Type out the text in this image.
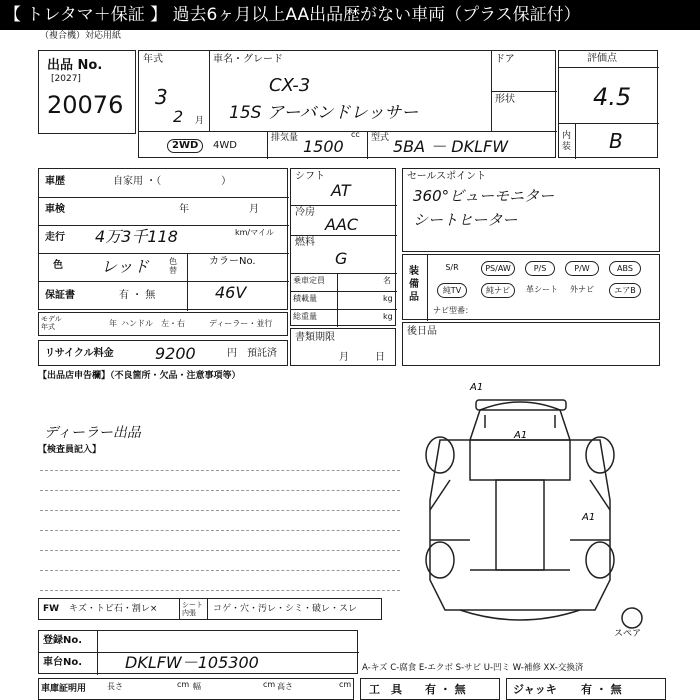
【 トレタマ＋保証 】 過去6ヶ月以上AA出品歴がない車両（プラス保証付）
（複合機）対応用紙
出品 No.
[2027]
20076
年式
3
2 月
車名・グレード
CX-3
15S アーバンドレッサー
ドア
形状
2WD	4WD
排気量	cc
1500	型式 5BA － DKLFW
評価点
4.5
内装 B
車歴	自家用 ・（　　　　　　）
車検	年	月
走行 4万3千118	km/マイル
色 レッド	色替
カラーNo.
46V
保証書	有 ・ 無
モデル年式	年 ハンドル　左・右	ディーラー・並行
リサイクル料金	9200	円 預託済
シフト
AT
冷房
AAC
燃料
G
乗車定員	名
積載量	kg
総重量	kg
書類期限
月	日
セールスポイント
360°ビューモニター
シートヒーター
装備品
S/R	PS/AW	P/S	P/W	ABS
純TV	純ナビ	革シート	外ナビ	エアB
ナビ型番：
後日品
【出品店申告欄】（不良箇所・欠品・注意事項等）
ディーラー出品
【検査員記入】
A1
A1
A1
スペア
FW キズ・トビ石・割レ×	シート内張	コゲ・穴・汚レ・シミ・破レ・スレ
登録No.
車台No.	DKLFW－105300	A-キズ C-腐食 E-エクボ S-サビ U-凹ミ W-補修 XX-交換済
車庫証明用	長さ	cm 幅	cm 高さ	cm 工　具 有 ・ 無	ジャッキ 有 ・ 無
